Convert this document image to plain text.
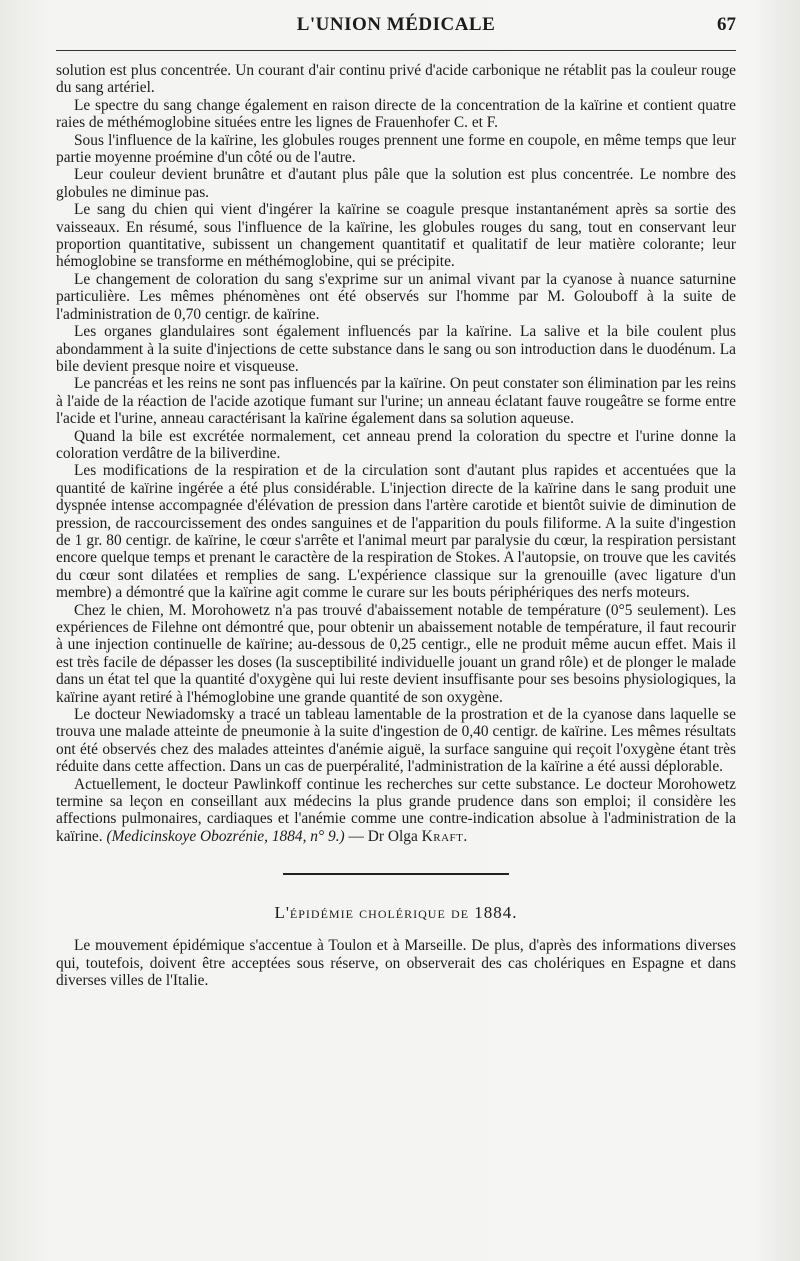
L'UNION MÉDICALE	67

solution est plus concentrée. Un courant d'air continu privé d'acide carbonique ne rétablit pas la couleur rouge du sang artériel.

Le spectre du sang change également en raison directe de la concentration de la kaïrine et contient quatre raies de méthémoglobine situées entre les lignes de Frauenhofer C. et F.

Sous l'influence de la kaïrine, les globules rouges prennent une forme en coupole, en même temps que leur partie moyenne proémine d'un côté ou de l'autre.

Leur couleur devient brunâtre et d'autant plus pâle que la solution est plus concentrée. Le nombre des globules ne diminue pas.

Le sang du chien qui vient d'ingérer la kaïrine se coagule presque instantanément après sa sortie des vaisseaux. En résumé, sous l'influence de la kaïrine, les globules rouges du sang, tout en conservant leur proportion quantitative, subissent un changement quantitatif et qualitatif de leur matière colorante; leur hémoglobine se transforme en méthémoglobine, qui se précipite.

Le changement de coloration du sang s'exprime sur un animal vivant par la cyanose à nuance saturnine particulière. Les mêmes phénomènes ont été observés sur l'homme par M. Golouboff à la suite de l'administration de 0,70 centigr. de kaïrine.

Les organes glandulaires sont également influencés par la kaïrine. La salive et la bile coulent plus abondamment à la suite d'injections de cette substance dans le sang ou son introduction dans le duodénum. La bile devient presque noire et visqueuse.

Le pancréas et les reins ne sont pas influencés par la kaïrine. On peut constater son élimination par les reins à l'aide de la réaction de l'acide azotique fumant sur l'urine; un anneau éclatant fauve rougeâtre se forme entre l'acide et l'urine, anneau caractérisant la kaïrine également dans sa solution aqueuse.

Quand la bile est excrétée normalement, cet anneau prend la coloration du spectre et l'urine donne la coloration verdâtre de la biliverdine.

Les modifications de la respiration et de la circulation sont d'autant plus rapides et accentuées que la quantité de kaïrine ingérée a été plus considérable. L'injection directe de la kaïrine dans le sang produit une dyspnée intense accompagnée d'élévation de pression dans l'artère carotide et bientôt suivie de diminution de pression, de raccourcissement des ondes sanguines et de l'apparition du pouls filiforme. A la suite d'ingestion de 1 gr. 80 centigr. de kaïrine, le cœur s'arrête et l'animal meurt par paralysie du cœur, la respiration persistant encore quelque temps et prenant le caractère de la respiration de Stokes. A l'autopsie, on trouve que les cavités du cœur sont dilatées et remplies de sang. L'expérience classique sur la grenouille (avec ligature d'un membre) a démontré que la kaïrine agit comme le curare sur les bouts périphériques des nerfs moteurs.

Chez le chien, M. Morohowetz n'a pas trouvé d'abaissement notable de température (0°5 seulement). Les expériences de Filehne ont démontré que, pour obtenir un abaissement notable de température, il faut recourir à une injection continuelle de kaïrine; au-dessous de 0,25 centigr., elle ne produit même aucun effet. Mais il est très facile de dépasser les doses (la susceptibilité individuelle jouant un grand rôle) et de plonger le malade dans un état tel que la quantité d'oxygène qui lui reste devient insuffisante pour ses besoins physiologiques, la kaïrine ayant retiré à l'hémoglobine une grande quantité de son oxygène.

Le docteur Newiadomsky a tracé un tableau lamentable de la prostration et de la cyanose dans laquelle se trouva une malade atteinte de pneumonie à la suite d'ingestion de 0,40 centigr. de kaïrine. Les mêmes résultats ont été observés chez des malades atteintes d'anémie aiguë, la surface sanguine qui reçoit l'oxygène étant très réduite dans cette affection. Dans un cas de puerpéralité, l'administration de la kaïrine a été aussi déplorable.

Actuellement, le docteur Pawlinkoff continue les recherches sur cette substance. Le docteur Morohowetz termine sa leçon en conseillant aux médecins la plus grande prudence dans son emploi; il considère les affections pulmonaires, cardiaques et l'anémie comme une contre-indication absolue à l'administration de la kaïrine. (Medicinskoye Obozrénie, 1884, n° 9.) — Dr Olga Kraft.

L'épidémie cholérique de 1884.

Le mouvement épidémique s'accentue à Toulon et à Marseille. De plus, d'après des informations diverses qui, toutefois, doivent être acceptées sous réserve, on observerait des cas cholériques en Espagne et dans diverses villes de l'Italie.
